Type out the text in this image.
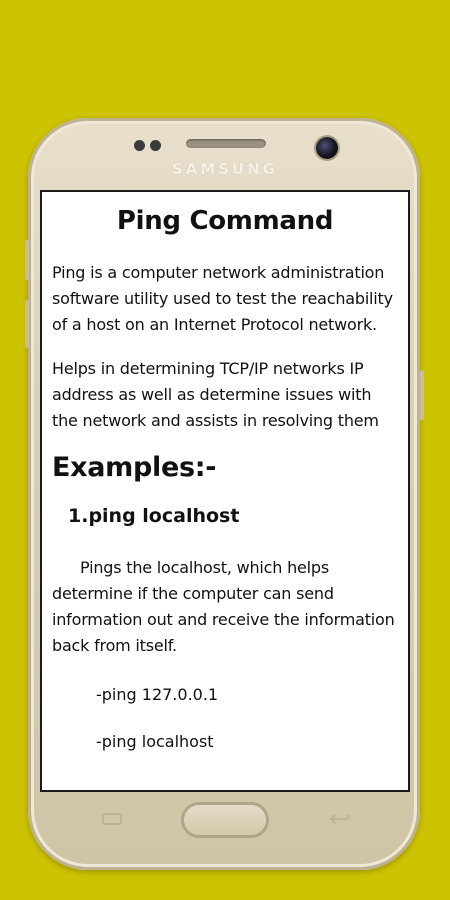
SAMSUNG
Ping Command

Ping is a computer network administration software utility used to test the reachability of a host on an Internet Protocol network.

Helps in determining TCP/IP networks IP address as well as determine issues with the network and assists in resolving them

Examples:-
1.ping localhost

Pings the localhost, which helps determine if the computer can send information out and receive the information back from itself.

-ping 127.0.0.1
-ping localhost
